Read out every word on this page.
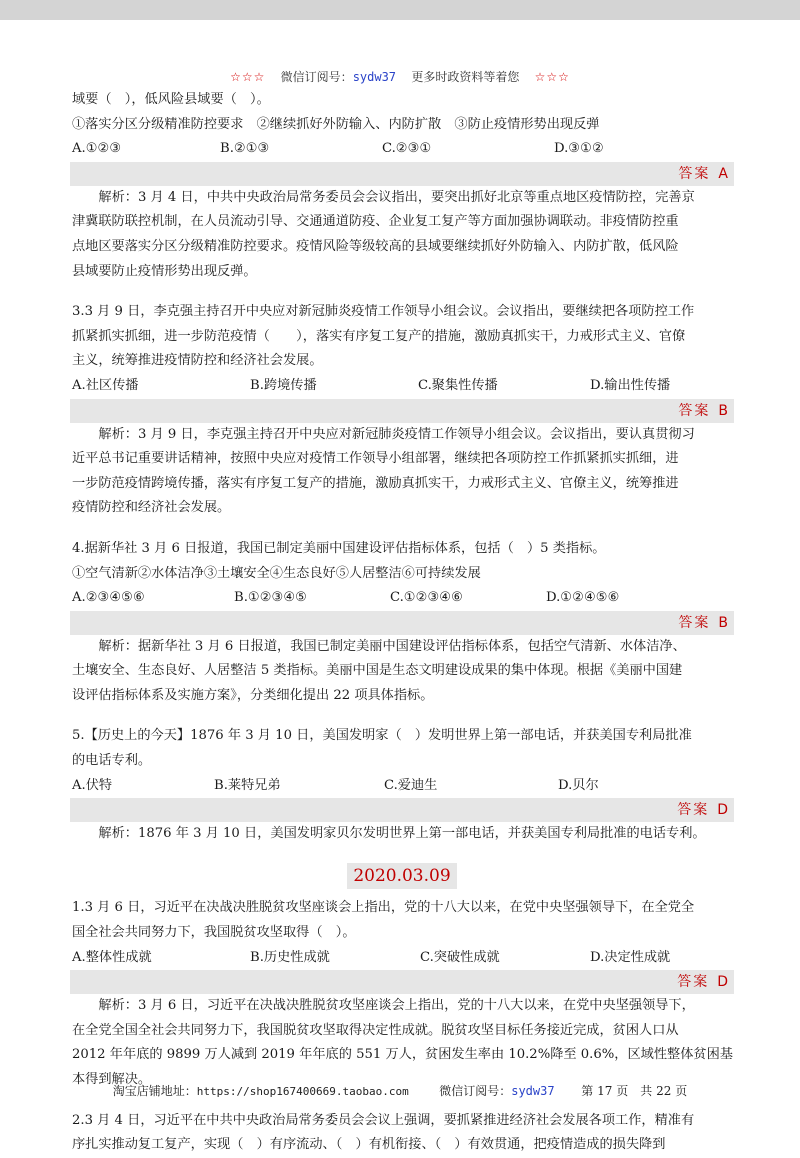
☆☆☆ 微信订阅号：sydw37 更多时政资料等着您 ☆☆☆

域要（　），低风险县域要（　）。

①落实分区分级精准防控要求　②继续抓好外防输入、内防扩散　③防止疫情形势出现反弹

A.①②③	B.②①③	C.②③①	D.③①②
答案 A

解析：3 月 4 日，中共中央政治局常务委员会会议指出，要突出抓好北京等重点地区疫情防控，完善京

津冀联防联控机制，在人员流动引导、交通通道防疫、企业复工复产等方面加强协调联动。非疫情防控重

点地区要落实分区分级精准防控要求。疫情风险等级较高的县域要继续抓好外防输入、内防扩散，低风险

县域要防止疫情形势出现反弹。

3.3 月 9 日，李克强主持召开中央应对新冠肺炎疫情工作领导小组会议。会议指出，要继续把各项防控工作

抓紧抓实抓细，进一步防范疫情（　　），落实有序复工复产的措施，激励真抓实干，力戒形式主义、官僚

主义，统筹推进疫情防控和经济社会发展。

A.社区传播	B.跨境传播	C.聚集性传播	D.输出性传播
答案 B

解析：3 月 9 日，李克强主持召开中央应对新冠肺炎疫情工作领导小组会议。会议指出，要认真贯彻习

近平总书记重要讲话精神，按照中央应对疫情工作领导小组部署，继续把各项防控工作抓紧抓实抓细，进

一步防范疫情跨境传播，落实有序复工复产的措施，激励真抓实干，力戒形式主义、官僚主义，统筹推进

疫情防控和经济社会发展。

4.据新华社 3 月 6 日报道，我国已制定美丽中国建设评估指标体系，包括（　）5 类指标。

①空气清新②水体洁净③土壤安全④生态良好⑤人居整洁⑥可持续发展

A.②③④⑤⑥	B.①②③④⑤	C.①②③④⑥	D.①②④⑤⑥
答案 B

解析：据新华社 3 月 6 日报道，我国已制定美丽中国建设评估指标体系，包括空气清新、水体洁净、

土壤安全、生态良好、人居整洁 5 类指标。美丽中国是生态文明建设成果的集中体现。根据《美丽中国建

设评估指标体系及实施方案》，分类细化提出 22 项具体指标。

5.【历史上的今天】1876 年 3 月 10 日，美国发明家（　）发明世界上第一部电话，并获美国专利局批准

的电话专利。

A.伏特	B.莱特兄弟	C.爱迪生	D.贝尔
答案 D

解析：1876 年 3 月 10 日，美国发明家贝尔发明世界上第一部电话，并获美国专利局批准的电话专利。

2020.03.09

1.3 月 6 日，习近平在决战决胜脱贫攻坚座谈会上指出，党的十八大以来，在党中央坚强领导下，在全党全

国全社会共同努力下，我国脱贫攻坚取得（　）。

A.整体性成就	B.历史性成就	C.突破性成就	D.决定性成就
答案 D

解析：3 月 6 日，习近平在决战决胜脱贫攻坚座谈会上指出，党的十八大以来，在党中央坚强领导下，

在全党全国全社会共同努力下，我国脱贫攻坚取得决定性成就。脱贫攻坚目标任务接近完成，贫困人口从

2012 年年底的 9899 万人减到 2019 年年底的 551 万人，贫困发生率由 10.2%降至 0.6%，区域性整体贫困基

本得到解决。

2.3 月 4 日，习近平在中共中央政治局常务委员会会议上强调，要抓紧推进经济社会发展各项工作，精准有

序扎实推动复工复产，实现（　）有序流动、（　）有机衔接、（　）有效贯通，把疫情造成的损失降到

淘宝店铺地址：https://shop167400669.taobao.com	微信订阅号：sydw37 第 17 页　共 22 页
